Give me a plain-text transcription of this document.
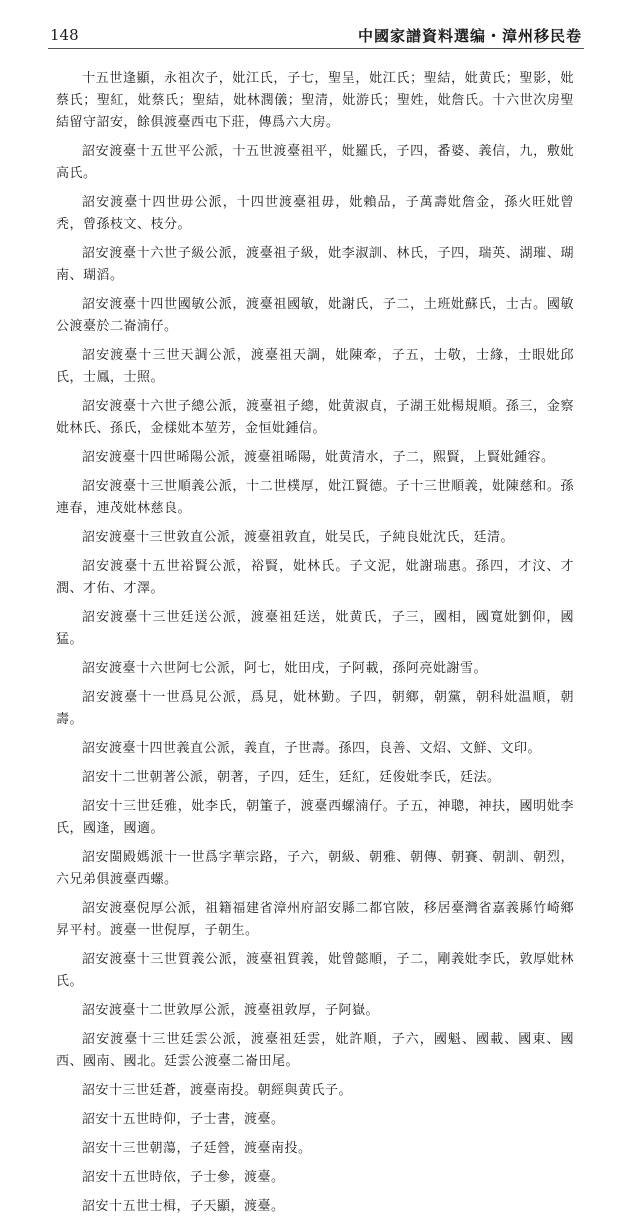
148	中國家譜資料選编・漳州移民卷

十五世逢顯，永祖次子，妣江氏，子七，聖呈，妣江氏；聖結，妣黄氏；聖影，妣蔡氏；聖紅，妣蔡氏；聖結，妣林潤儀；聖清，妣游氏；聖姓，妣詹氏。十六世次房聖結留守詔安，餘俱渡臺西屯下莊，傳爲六大房。

詔安渡臺十五世平公派，十五世渡臺祖平，妣羅氏，子四，番婆、義信，九，敷妣高氏。

詔安渡臺十四世毋公派，十四世渡臺祖毋，妣賴品，子萬壽妣詹金，孫火旺妣曾秃，曾孫枝文、枝分。

詔安渡臺十六世子級公派，渡臺祖子級，妣李淑訓、林氏，子四，瑞英、湖璀、瑚南、瑚滔。

詔安渡臺十四世國敏公派，渡臺祖國敏，妣謝氏，子二，土班妣蘇氏，士古。國敏公渡臺於二崙湳仔。

詔安渡臺十三世天調公派，渡臺祖天調，妣陳牽，子五，士敬，士緣，士眼妣邱氏，士鳳，士照。

詔安渡臺十六世子總公派，渡臺祖子總，妣黄淑貞，子湖王妣楊規順。孫三，金察妣林氏、孫氏，金樣妣本堃芳，金恒妣鍾信。

詔安渡臺十四世晞陽公派，渡臺祖晞陽，妣黄清水，子二，熙賢，上賢妣鍾容。

詔安渡臺十三世順義公派，十二世樸厚，妣江賢德。子十三世順義，妣陳慈和。孫連春，連茂妣林慈良。

詔安渡臺十三世敦直公派，渡臺祖敦直，妣吴氏，子純良妣沈氏，廷清。

詔安渡臺十五世裕賢公派，裕賢，妣林氏。子文泥，妣謝瑞惠。孫四，才汶、才潤、才佑、才澤。

詔安渡臺十三世廷送公派，渡臺祖廷送，妣黄氏，子三，國相，國寬妣劉仰，國猛。

詔安渡臺十六世阿七公派，阿七，妣田戌，子阿載，孫阿亮妣謝雪。

詔安渡臺十一世爲見公派，爲見，妣林勤。子四，朝鄉，朝黨，朝科妣温順，朝壽。

詔安渡臺十四世義直公派，義直，子世壽。孫四，良善、文炤、文鮮、文印。

詔安十二世朝著公派，朝著，子四，廷生，廷紅，廷俊妣李氏，廷法。

詔安十三世廷雅，妣李氏，朝箽子，渡臺西螺湳仔。子五，神聰，神扶，國明妣李氏，國逢，國適。

詔安閩殿媽派十一世爲字華宗路，子六，朝級、朝雅、朝傳、朝賽、朝訓、朝烈，六兄弟俱渡臺西螺。

詔安渡臺倪厚公派，祖籍福建省漳州府詔安縣二都官陂，移居臺灣省嘉義縣竹崎鄉昇平村。渡臺一世倪厚，子朝生。

詔安渡臺十三世質義公派，渡臺祖質義，妣曾懿順，子二，剛義妣李氏，敦厚妣林氏。

詔安渡臺十二世敦厚公派，渡臺祖敦厚，子阿嶽。

詔安渡臺十三世廷雲公派，渡臺祖廷雲，妣許順，子六，國魁、國載、國東、國西、國南、國北。廷雲公渡臺二崙田尾。

詔安十三世廷蒼，渡臺南投。朝經與黄氏子。

詔安十五世時仰，子士書，渡臺。

詔安十三世朝蕩，子廷營，渡臺南投。

詔安十五世時依，子士參，渡臺。

詔安十五世士楫，子天顯，渡臺。
